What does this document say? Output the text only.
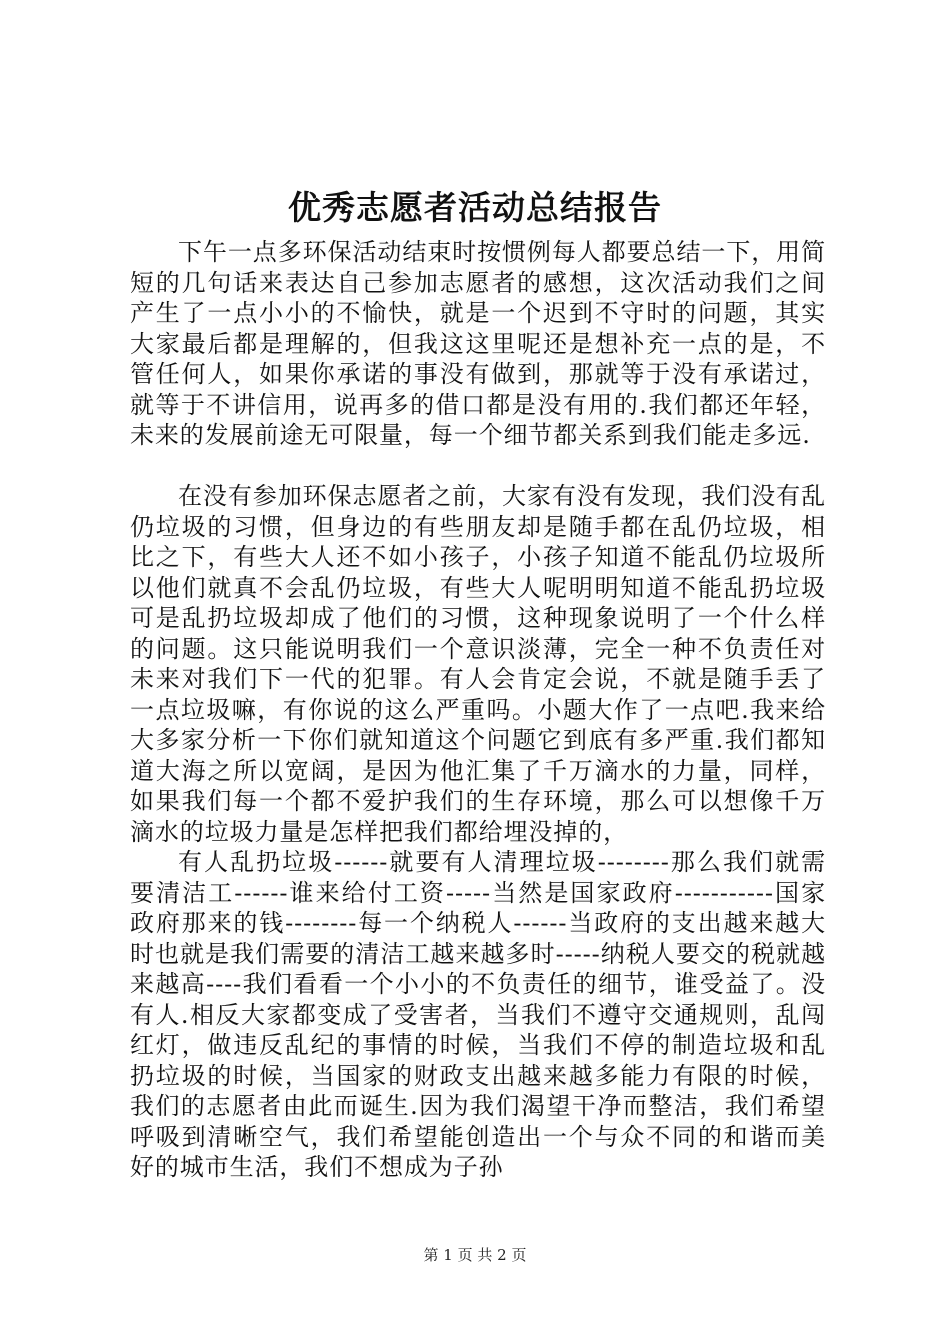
优秀志愿者活动总结报告

下午一点多环保活动结束时按惯例每人都要总结一下，用简短的几句话来表达自己参加志愿者的感想，这次活动我们之间产生了一点小小的不愉快，就是一个迟到不守时的问题，其实大家最后都是理解的，但我这这里呢还是想补充一点的是，不管任何人，如果你承诺的事没有做到，那就等于没有承诺过，就等于不讲信用，说再多的借口都是没有用的.我们都还年轻，未来的发展前途无可限量，每一个细节都关系到我们能走多远.

在没有参加环保志愿者之前，大家有没有发现，我们没有乱仍垃圾的习惯，但身边的有些朋友却是随手都在乱仍垃圾，相比之下，有些大人还不如小孩子，小孩子知道不能乱仍垃圾所以他们就真不会乱仍垃圾，有些大人呢明明知道不能乱扔垃圾可是乱扔垃圾却成了他们的习惯，这种现象说明了一个什么样的问题。这只能说明我们一个意识淡薄，完全一种不负责任对未来对我们下一代的犯罪。有人会肯定会说，不就是随手丢了一点垃圾嘛，有你说的这么严重吗。小题大作了一点吧.我来给大多家分析一下你们就知道这个问题它到底有多严重.我们都知道大海之所以宽阔，是因为他汇集了千万滴水的力量，同样，如果我们每一个都不爱护我们的生存环境，那么可以想像千万滴水的垃圾力量是怎样把我们都给埋没掉的，

有人乱扔垃圾------就要有人清理垃圾--------那么我们就需要清洁工------谁来给付工资-----当然是国家政府-----------国家政府那来的钱--------每一个纳税人------当政府的支出越来越大时也就是我们需要的清洁工越来越多时-----纳税人要交的税就越来越高----我们看看一个小小的不负责任的细节，谁受益了。没有人.相反大家都变成了受害者，当我们不遵守交通规则，乱闯红灯，做违反乱纪的事情的时候，当我们不停的制造垃圾和乱扔垃圾的时候，当国家的财政支出越来越多能力有限的时候，我们的志愿者由此而诞生.因为我们渴望干净而整洁，我们希望呼吸到清晰空气，我们希望能创造出一个与众不同的和谐而美好的城市生活，我们不想成为子孙

第 1 页 共 2 页
